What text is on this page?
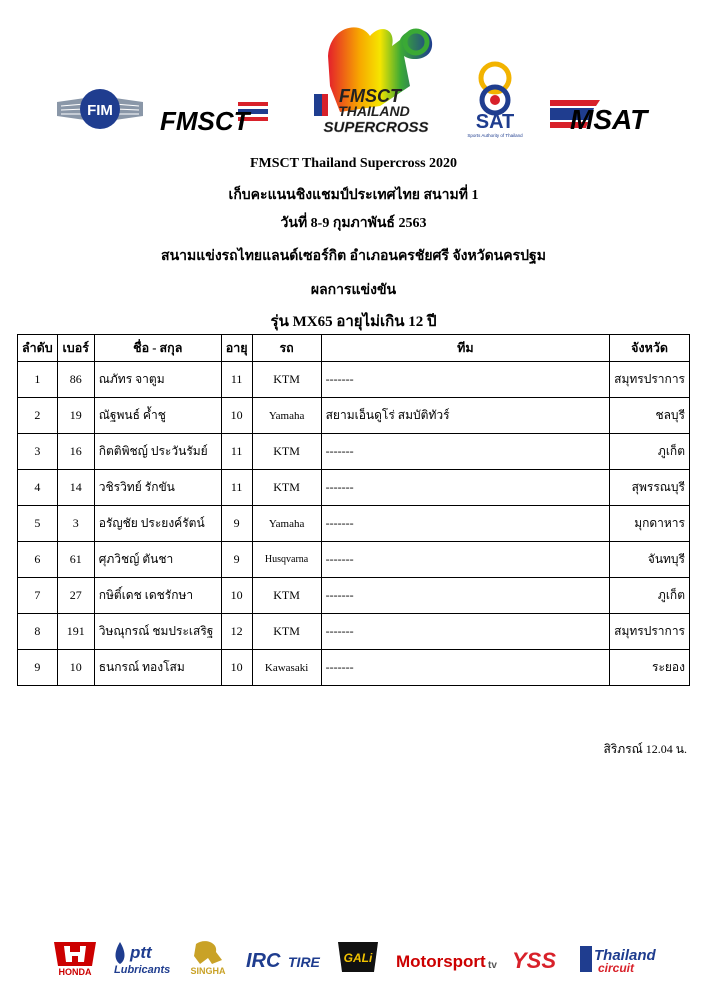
FIM FMSCT
FMSCT
THAILAND
SUPERCROSS SAT
Sports Authority of Thailand
MSAT
FMSCT Thailand Supercross 2020
เก็บคะแนนชิงแชมป์ประเทศไทย สนามที่ 1
วันที่ 8-9 กุมภาพันธ์ 2563
สนามแข่งรถไทยแลนด์เซอร์กิต อำเภอนครชัยศรี จังหวัดนครปฐม
ผลการแข่งขัน
รุ่น MX65 อายุไม่เกิน 12 ปี
ลำดับ	เบอร์	ชื่อ - สกุล	อายุ	รถ	ทีม	จังหวัด
1	86	ณภัทร จาตูม	11	KTM	-------	สมุทรปราการ
2	19	ณัฐพนธ์ ค้ำชู	10	Yamaha	สยามเอ็นดูโร่ สมบัติทัวร์	ชลบุรี
3	16	กิตติพิชญ์ ประวันรัมย์	11	KTM	-------	ภูเก็ต
4	14	วชิรวิทย์ รักขัน	11	KTM	-------	สุพรรณบุรี
5	3	อรัญชัย ประยงค์รัตน์	9	Yamaha	-------	มุกดาหาร
6	61	ศุภวิชญ์ ตันชา	9	Husqvarna	-------	จันทบุรี
7	27	กษิติ์เดช เดชรักษา	10	KTM	-------	ภูเก็ต
8	191	วิษณุกรณ์ ชมประเสริฐ	12	KTM	-------	สมุทรปราการ
9	10	ธนกรณ์ ทองโสม	10	Kawasaki	-------	ระยอง
สิริภรณ์ 12.04 น.
HONDA
ptt
Lubricants SINGHA IRC TIRE GALi Motorsport tv YSS	Thailand
circuit
